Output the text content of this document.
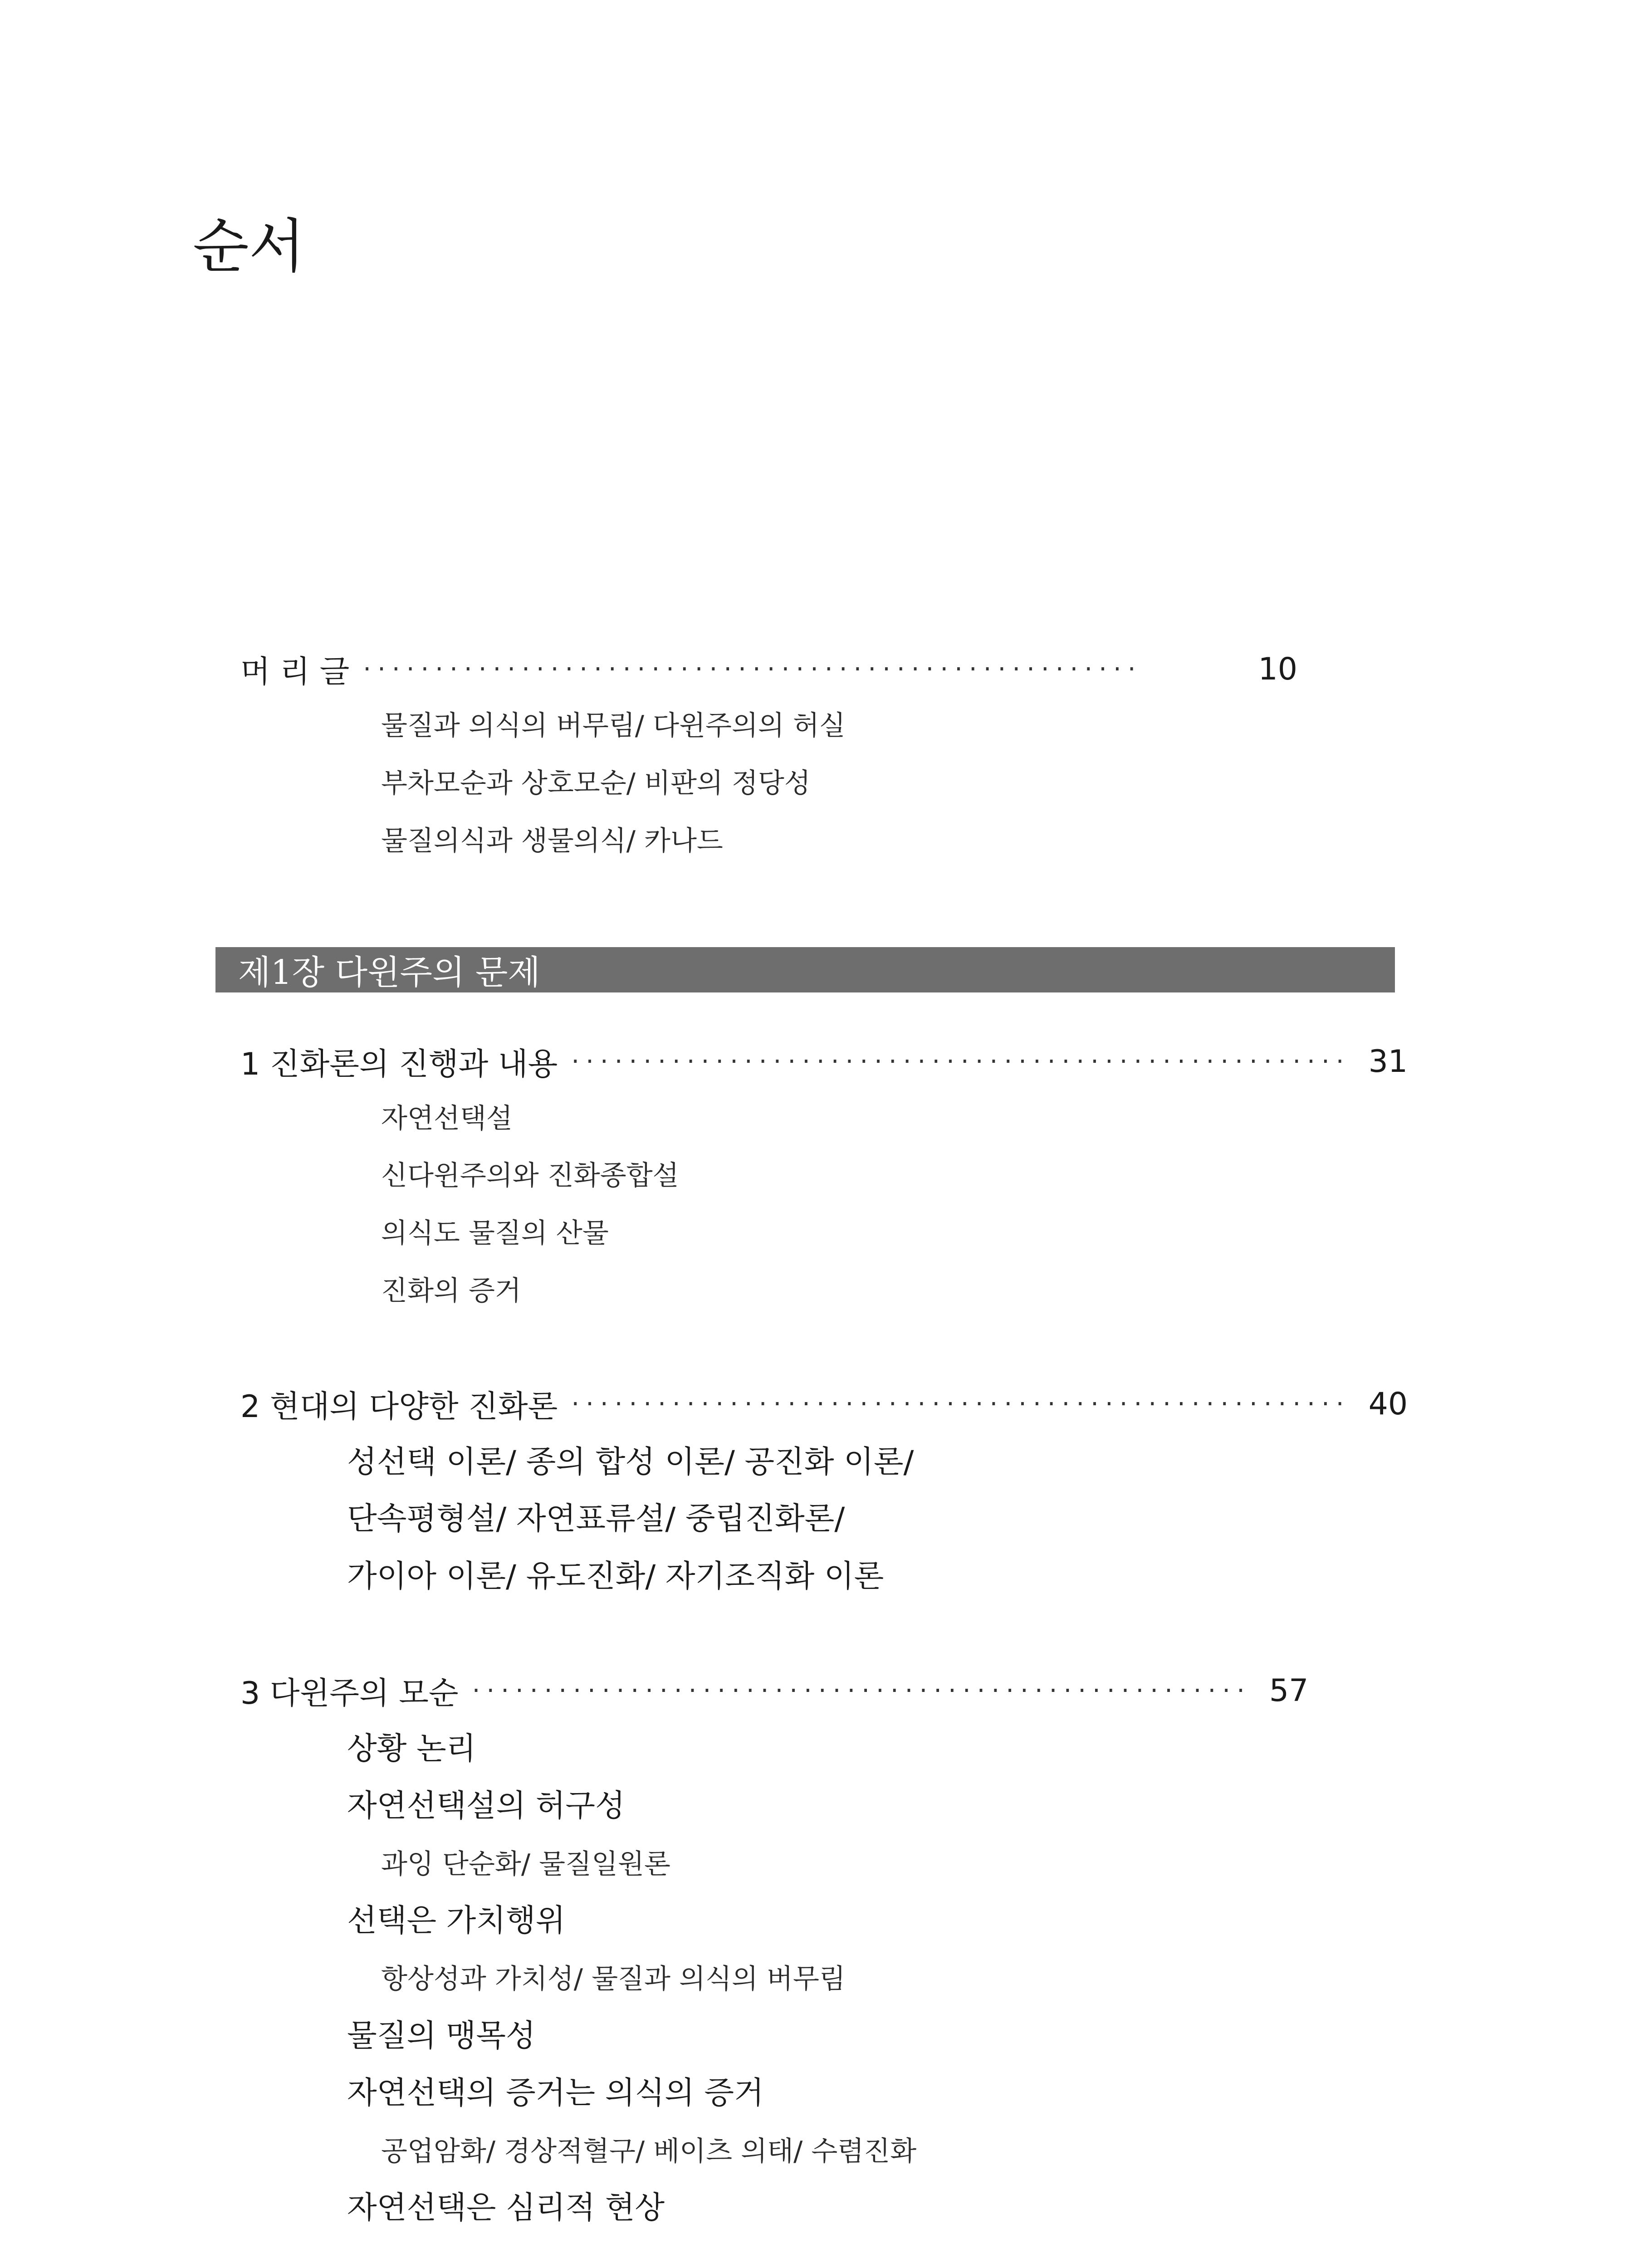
순서
머 리 글 ······················································	10
물질과 의식의 버무림/ 다윈주의의 허실
부차모순과 상호모순/ 비판의 정당성
물질의식과 생물의식/ 카나드
제1장 다윈주의 문제
1 진화론의 진행과 내용 ······················································ 31
자연선택설
신다윈주의와 진화종합설
의식도 물질의 산물
진화의 증거
2 현대의 다양한 진화론 ······················································ 40
성선택 이론/ 종의 합성 이론/ 공진화 이론/
단속평형설/ 자연표류설/ 중립진화론/
가이아 이론/ 유도진화/ 자기조직화 이론
3 다윈주의 모순 ······················································ 57
상황 논리
자연선택설의 허구성
과잉 단순화/ 물질일원론
선택은 가치행위
항상성과 가치성/ 물질과 의식의 버무림
물질의 맹목성
자연선택의 증거는 의식의 증거
공업암화/ 경상적혈구/ 베이츠 의태/ 수렴진화
자연선택은 심리적 현상
